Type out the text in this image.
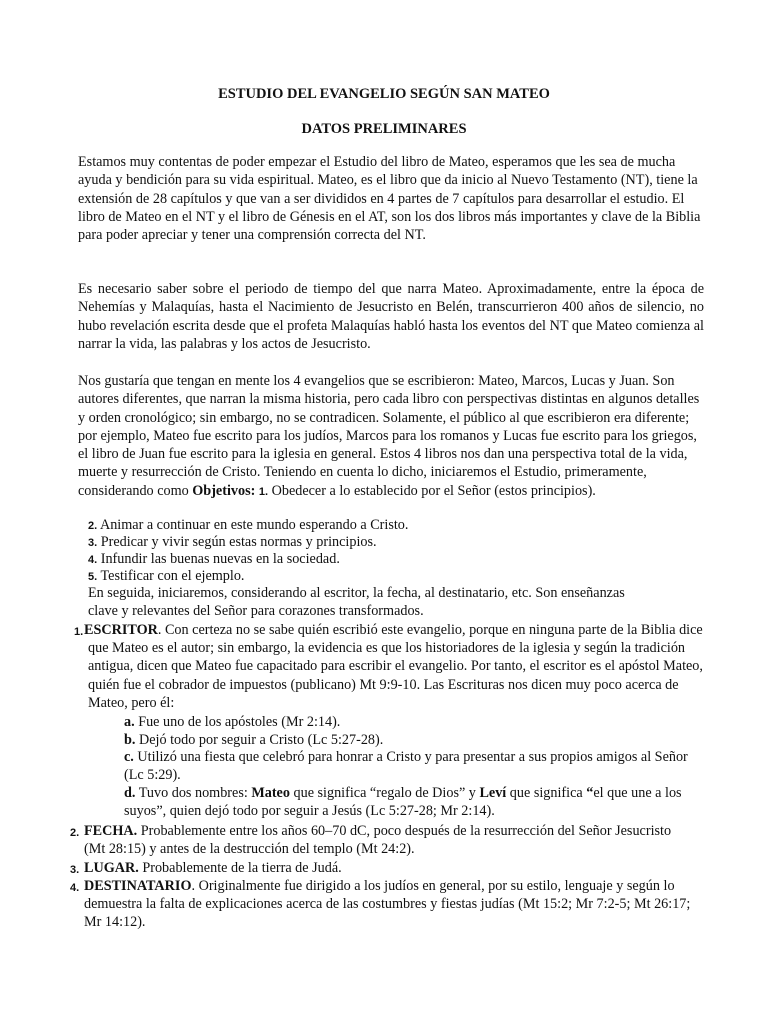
ESTUDIO DEL EVANGELIO SEGÚN SAN MATEO
DATOS PRELIMINARES
Estamos muy contentas de poder empezar el Estudio del libro de Mateo, esperamos que les sea de mucha ayuda y bendición para su vida espiritual. Mateo, es el libro que da inicio al Nuevo Testamento (NT), tiene la extensión de 28 capítulos y que van a ser divididos en 4 partes de 7 capítulos para desarrollar el estudio. El libro de Mateo en el NT y el libro de Génesis en el AT, son los dos libros más importantes y clave de la Biblia para poder apreciar y tener una comprensión correcta del NT.
Es necesario saber sobre el periodo de tiempo del que narra Mateo. Aproximadamente, entre la época de Nehemías y Malaquías, hasta el Nacimiento de Jesucristo en Belén, transcurrieron 400 años de silencio, no hubo revelación escrita desde que el profeta Malaquías habló hasta los eventos del NT que Mateo comienza al narrar la vida, las palabras y los actos de Jesucristo.
Nos gustaría que tengan en mente los 4 evangelios que se escribieron: Mateo, Marcos, Lucas y Juan. Son autores diferentes, que narran la misma historia, pero cada libro con perspectivas distintas en algunos detalles y orden cronológico; sin embargo, no se contradicen. Solamente, el público al que escribieron era diferente; por ejemplo, Mateo fue escrito para los judíos, Marcos para los romanos y Lucas fue escrito para los griegos, el libro de Juan fue escrito para la iglesia en general. Estos 4 libros nos dan una perspectiva total de la vida, muerte y resurrección de Cristo. Teniendo en cuenta lo dicho, iniciaremos el Estudio, primeramente, considerando como Objetivos: 1. Obedecer a lo establecido por el Señor (estos principios).
2. Animar a continuar en este mundo esperando a Cristo.
3. Predicar y vivir según estas normas y principios.
4. Infundir las buenas nuevas en la sociedad.
5. Testificar con el ejemplo.
En seguida, iniciaremos, considerando al escritor, la fecha, al destinatario, etc. Son enseñanzas
clave y relevantes del Señor para corazones transformados.
1. ESCRITOR. Con certeza no se sabe quién escribió este evangelio, porque en ninguna parte de la Biblia dice que Mateo es el autor; sin embargo, la evidencia es que los historiadores de la iglesia y según la tradición antigua, dicen que Mateo fue capacitado para escribir el evangelio. Por tanto, el escritor es el apóstol Mateo, quién fue el cobrador de impuestos (publicano) Mt 9:9-10. Las Escrituras nos dicen muy poco acerca de Mateo, pero él:
a. Fue uno de los apóstoles (Mr 2:14).
b. Dejó todo por seguir a Cristo (Lc 5:27-28).
c. Utilizó una fiesta que celebró para honrar a Cristo y para presentar a sus propios amigos al Señor (Lc 5:29).
d. Tuvo dos nombres: Mateo que significa “regalo de Dios” y Leví que significa “el que une a los suyos”, quien dejó todo por seguir a Jesús (Lc 5:27-28; Mr 2:14).
2. FECHA. Probablemente entre los años 60–70 dC, poco después de la resurrección del Señor Jesucristo (Mt 28:15) y antes de la destrucción del templo (Mt 24:2).
3. LUGAR. Probablemente de la tierra de Judá.
4. DESTINATARIO. Originalmente fue dirigido a los judíos en general, por su estilo, lenguaje y según lo demuestra la falta de explicaciones acerca de las costumbres y fiestas judías (Mt 15:2; Mr 7:2-5; Mt 26:17; Mr 14:12).
